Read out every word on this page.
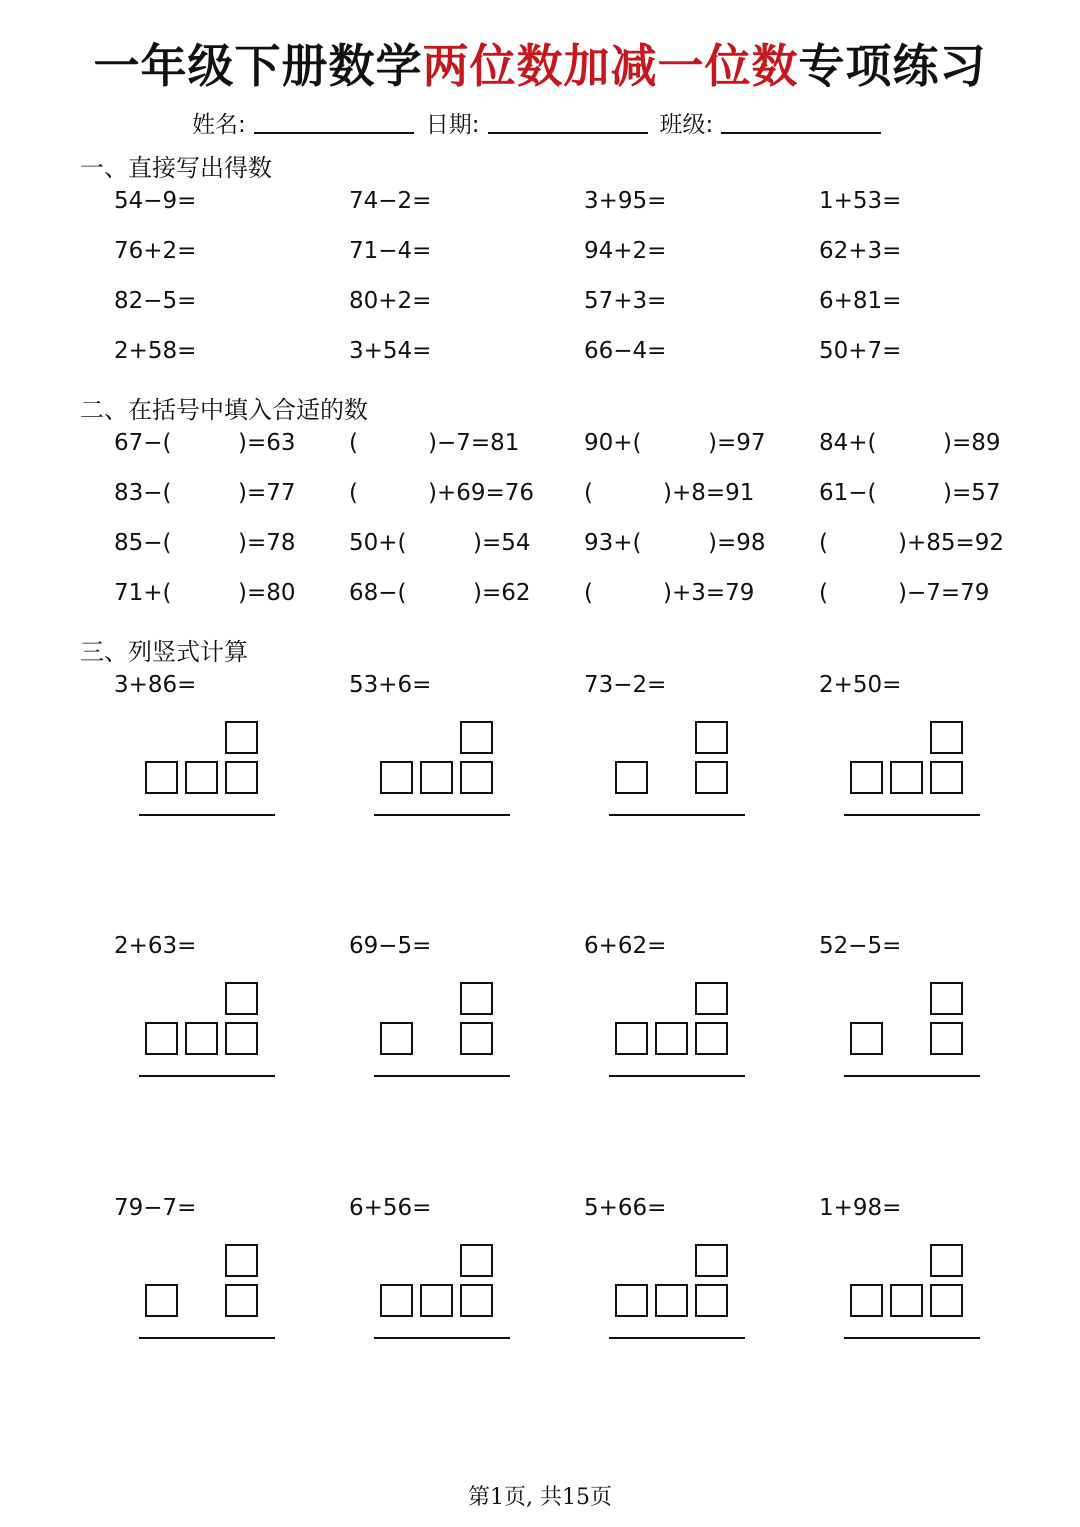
一年级下册数学两位数加减一位数专项练习
姓名:	日期:	班级:
一、直接写出得数
54−9=	74−2=	3+95=	1+53=
76+2=	71−4=	94+2=	62+3=
82−5=	80+2=	57+3=	6+81=
2+58=	3+54=	66−4=	50+7=
二、在括号中填入合适的数
67−(	)=63 (	)−7=81	90+(	)=97 84+(	)=89
83−(	)=77 (	)+69=76 (	)+8=91	61−(	)=57
85−(	)=78 50+(	)=54 93+(	)=98 (	)+85=92
71+(	)=80 68−(	)=62 (	)+3=79	(	)−7=79
三、列竖式计算
3+86=	53+6=	73−2=	2+50=
2+63=	69−5=	6+62=	52−5=
79−7=	6+56=	5+66=	1+98=
第1页, 共15页
